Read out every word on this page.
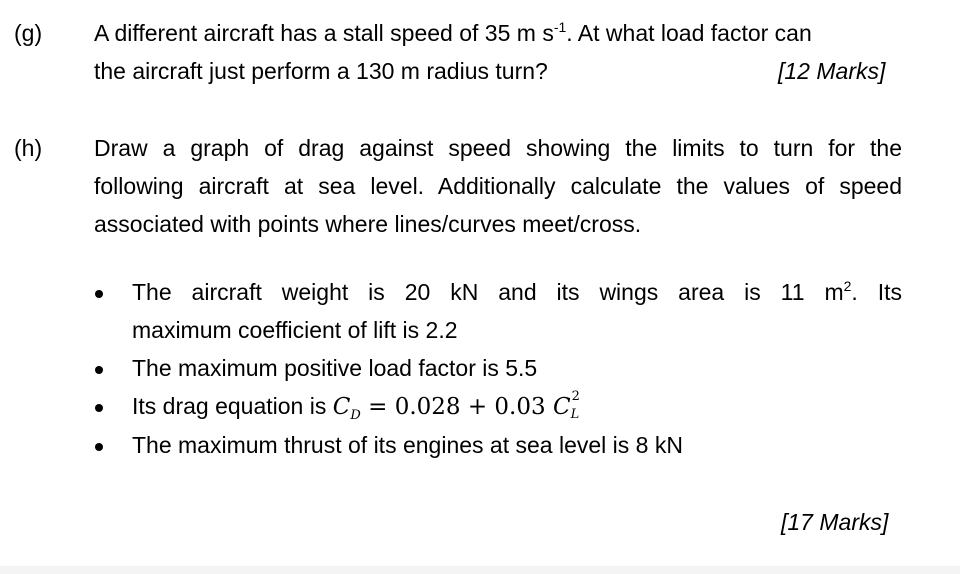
(g) A different aircraft has a stall speed of 35 m $s^{-1}$. At what load factor can
the aircraft just perform a 130 m radius turn?	[12 Marks]
(h) Draw a graph of drag against speed showing the limits to turn for the
following aircraft at sea level. Additionally calculate the values of speed
associated with points where lines/curves meet/cross.
The aircraft weight is 20 kN and its wings area is 11 $m^2$. Its
maximum coefficient of lift is 2.2
The maximum positive load factor is 5.5
Its drag equation is $C_D = 0.028 + 0.03$ C 2
L
The maximum thrust of its engines at sea level is 8 kN
[17 Marks]
